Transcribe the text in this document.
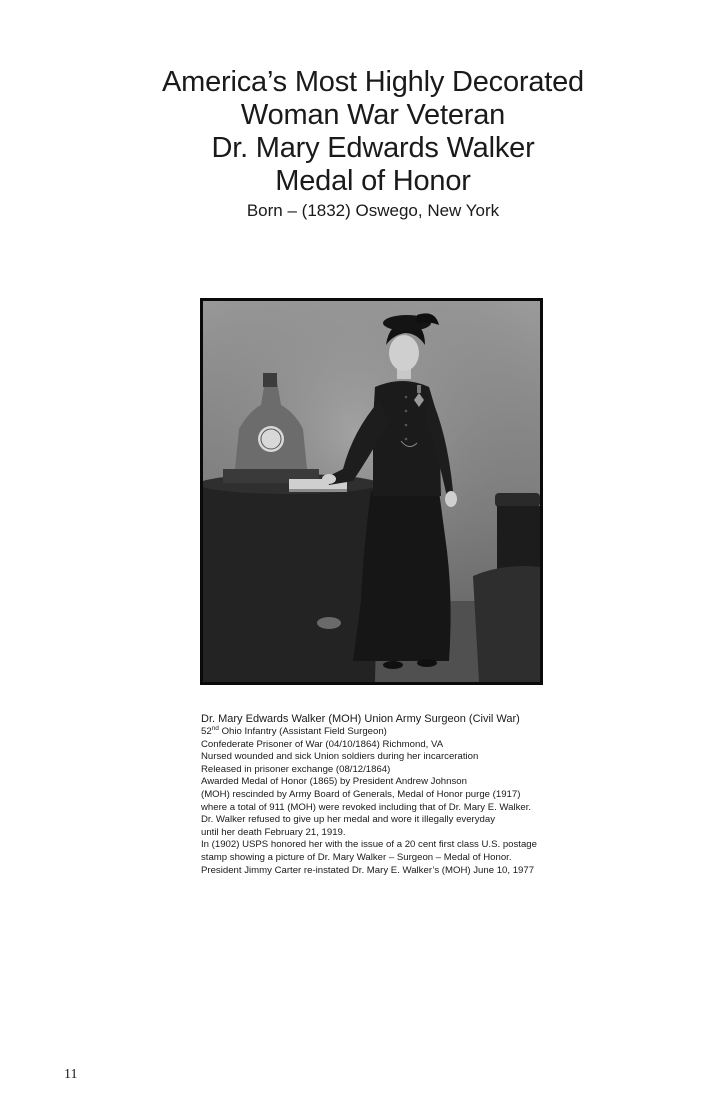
America’s Most Highly Decorated
Woman War Veteran
Dr. Mary Edwards Walker
Medal of Honor
Born – (1832) Oswego, New York
Dr. Mary Edwards Walker (MOH) Union Army Surgeon (Civil War)
52nd Ohio Infantry (Assistant Field Surgeon)
Confederate Prisoner of War (04/10/1864) Richmond, VA
Nursed wounded and sick Union soldiers during her incarceration
Released in prisoner exchange (08/12/1864)
Awarded Medal of Honor (1865) by President Andrew Johnson
(MOH) rescinded by Army Board of Generals, Medal of Honor purge (1917)
where a total of 911 (MOH) were revoked including that of Dr. Mary E. Walker.
Dr. Walker refused to give up her medal and wore it illegally everyday
until her death February 21, 1919.
In (1902) USPS honored her with the issue of a 20 cent first class U.S. postage
stamp showing a picture of Dr. Mary Walker – Surgeon – Medal of Honor.
President Jimmy Carter re-instated Dr. Mary E. Walker’s (MOH) June 10, 1977
11
